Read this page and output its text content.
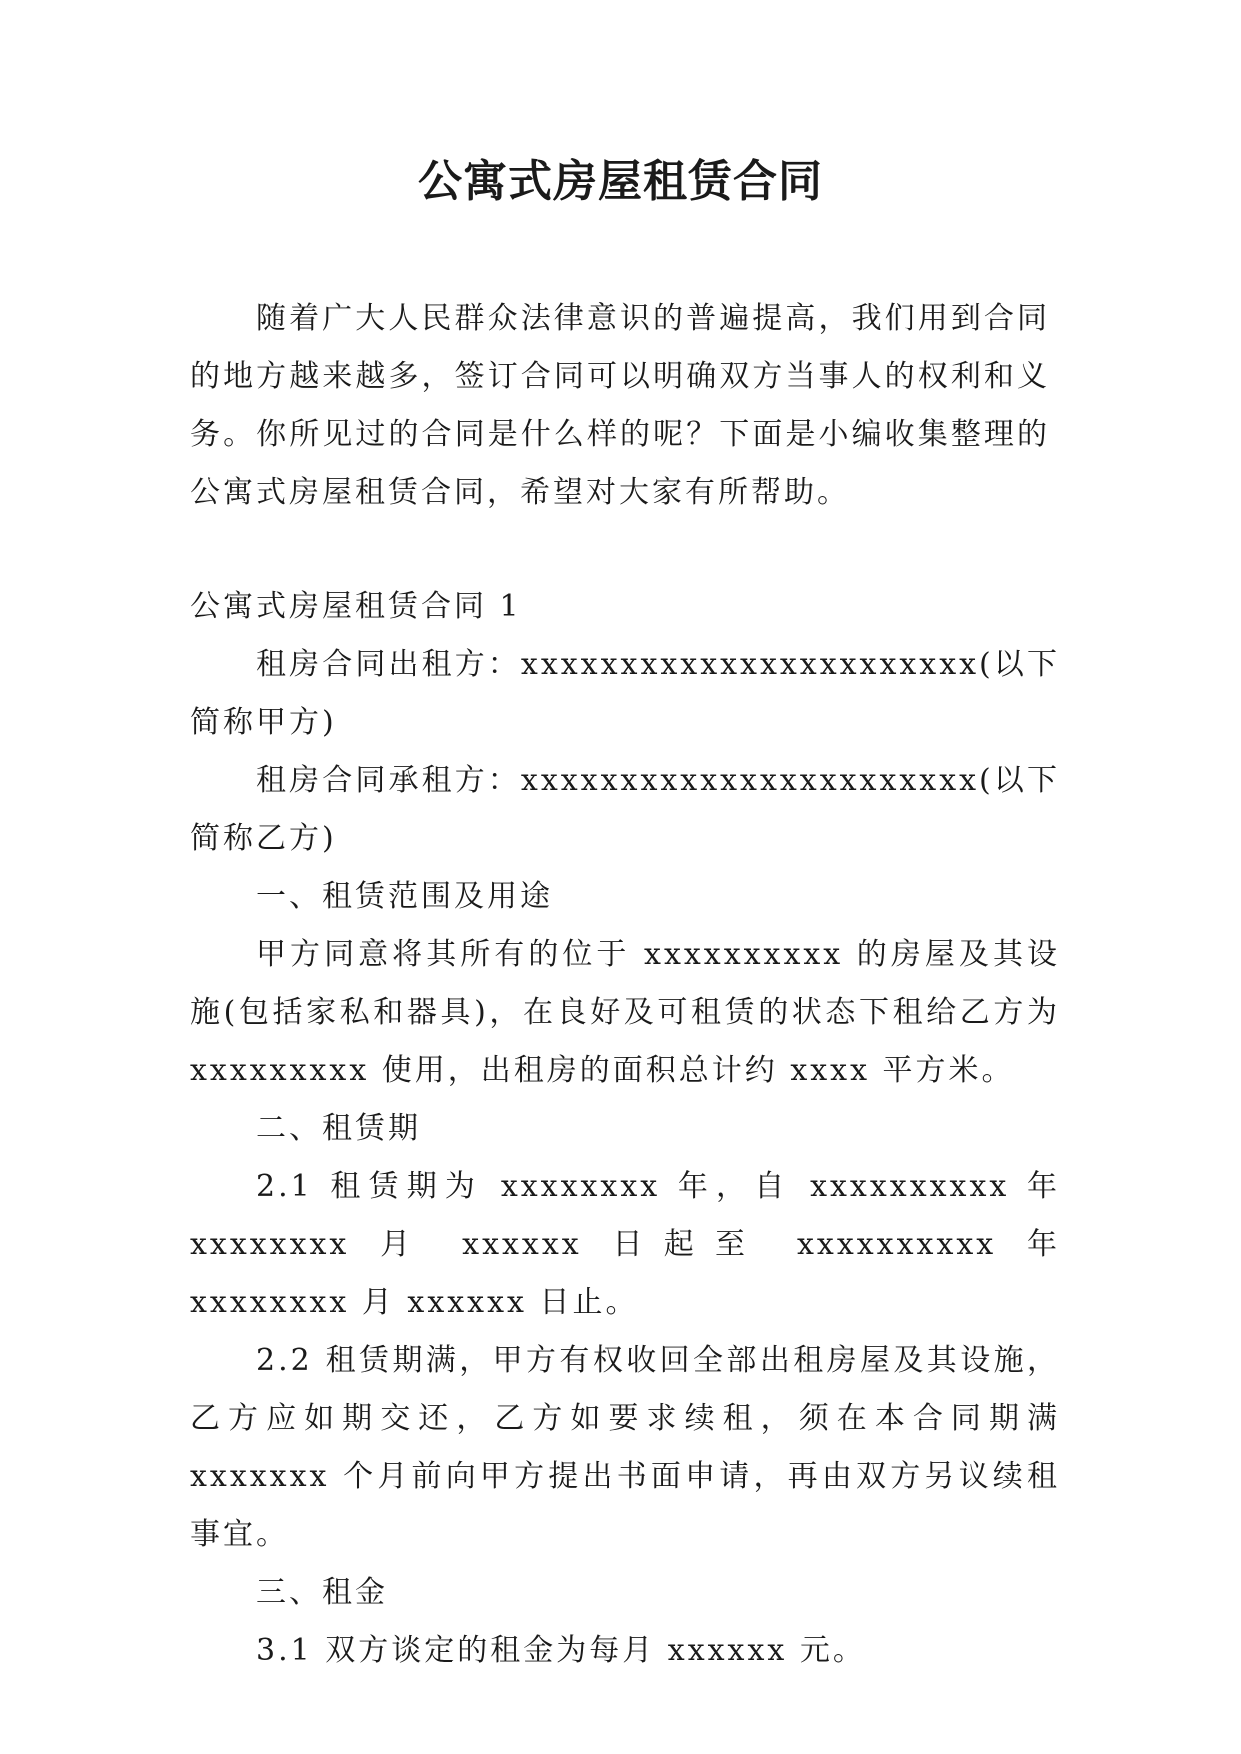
公寓式房屋租赁合同

随着广大人民群众法律意识的普遍提高，我们用到合同的地方越来越多，签订合同可以明确双方当事人的权利和义务。你所见过的合同是什么样的呢？下面是小编收集整理的公寓式房屋租赁合同，希望对大家有所帮助。

公寓式房屋租赁合同 1

租房合同出租方：xxxxxxxxxxxxxxxxxxxxxxx(以下简称甲方)

租房合同承租方：xxxxxxxxxxxxxxxxxxxxxxx(以下简称乙方)

一、租赁范围及用途

甲方同意将其所有的位于 xxxxxxxxxx 的房屋及其设施(包括家私和器具)，在良好及可租赁的状态下租给乙方为xxxxxxxxx 使用，出租房的面积总计约 xxxx 平方米。

二、租赁期

2.1 租赁期为 xxxxxxxx 年，自 xxxxxxxxxx 年 xxxxxxxx 月 xxxxxx 日起至 xxxxxxxxxx 年 xxxxxxxx 月 xxxxxx 日止。

2.2 租赁期满，甲方有权收回全部出租房屋及其设施，乙方应如期交还，乙方如要求续租，须在本合同期满 xxxxxxx 个月前向甲方提出书面申请，再由双方另议续租事宜。

三、租金

3.1 双方谈定的租金为每月 xxxxxx 元。
